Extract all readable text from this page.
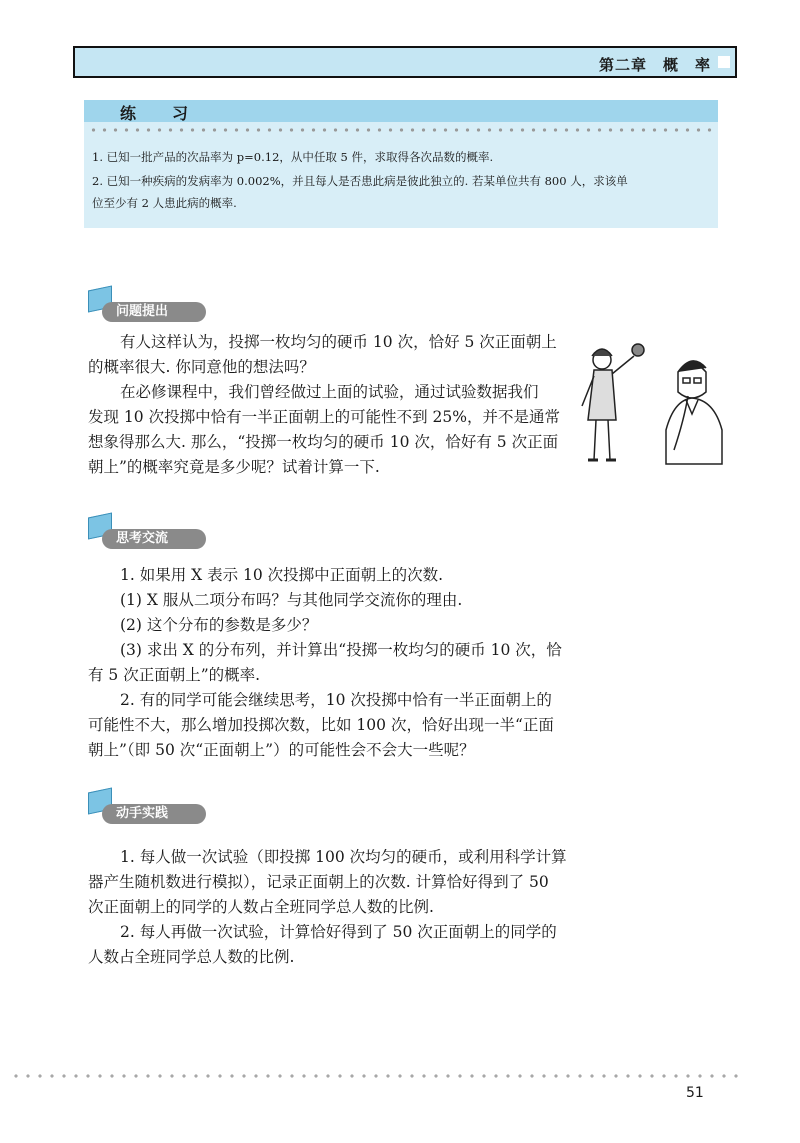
第二章　概　率
练　习
1. 已知一批产品的次品率为 p=0.12，从中任取 5 件，求取得各次品数的概率.
2. 已知一种疾病的发病率为 0.002%，并且每人是否患此病是彼此独立的. 若某单位共有 800 人，求该单
位至少有 2 人患此病的概率.
问题提出
有人这样认为，投掷一枚均匀的硬币 10 次，恰好 5 次正面朝上
的概率很大. 你同意他的想法吗？
在必修课程中，我们曾经做过上面的试验，通过试验数据我们
发现 10 次投掷中恰有一半正面朝上的可能性不到 25%，并不是通常
想象得那么大. 那么，“投掷一枚均匀的硬币 10 次，恰好有 5 次正面
朝上”的概率究竟是多少呢？试着计算一下.
思考交流
1. 如果用 X 表示 10 次投掷中正面朝上的次数.
(1) X 服从二项分布吗？与其他同学交流你的理由.
(2) 这个分布的参数是多少？
(3) 求出 X 的分布列，并计算出“投掷一枚均匀的硬币 10 次，恰
有 5 次正面朝上”的概率.
2. 有的同学可能会继续思考，10 次投掷中恰有一半正面朝上的
可能性不大，那么增加投掷次数，比如 100 次，恰好出现一半“正面
朝上”（即 50 次“正面朝上”）的可能性会不会大一些呢？
动手实践
1. 每人做一次试验（即投掷 100 次均匀的硬币，或利用科学计算
器产生随机数进行模拟），记录正面朝上的次数. 计算恰好得到了 50
次正面朝上的同学的人数占全班同学总人数的比例.
2. 每人再做一次试验，计算恰好得到了 50 次正面朝上的同学的
人数占全班同学总人数的比例.
51
